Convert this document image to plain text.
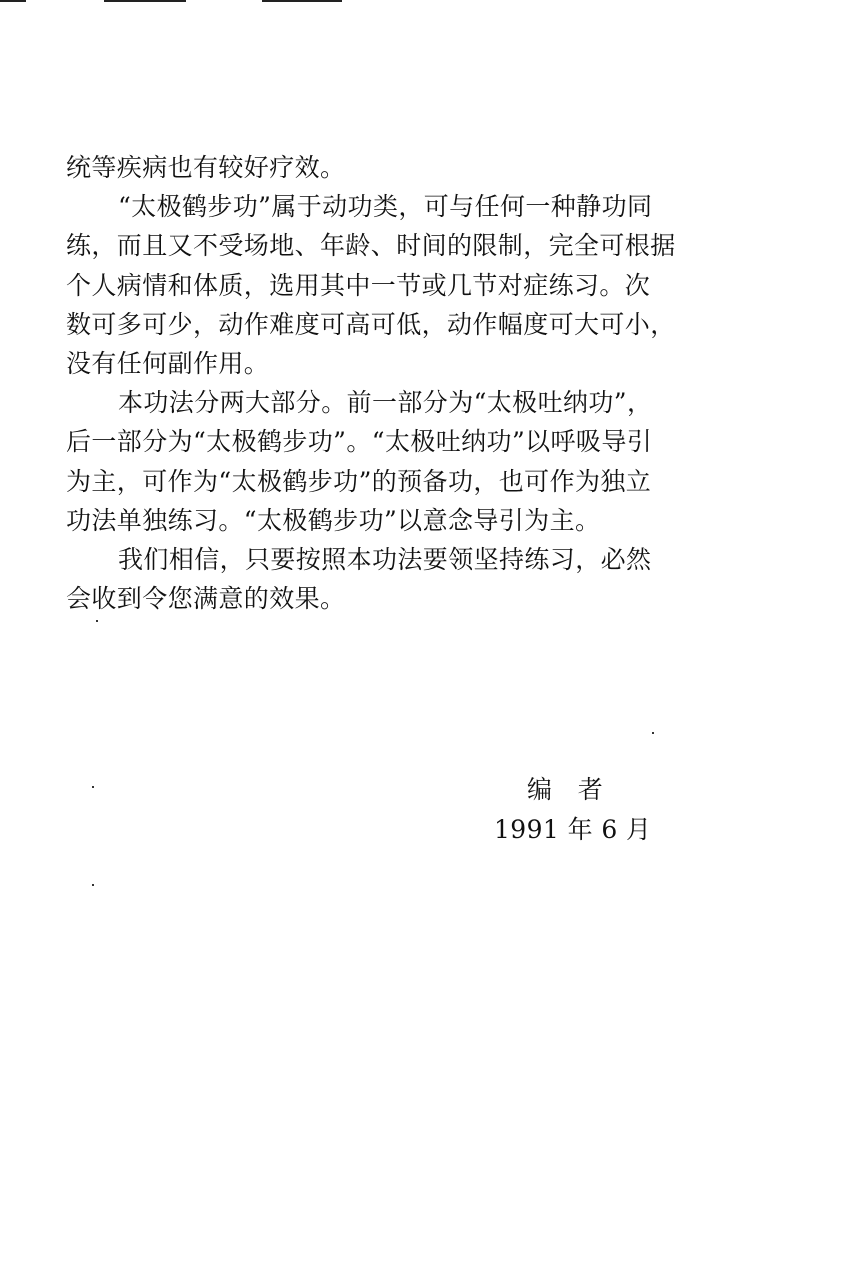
统等疾病也有较好疗效。
“太极鹤步功”属于动功类，可与任何一种静功同
练，而且又不受场地、年龄、时间的限制，完全可根据
个人病情和体质，选用其中一节或几节对症练习。次
数可多可少，动作难度可高可低，动作幅度可大可小，
没有任何副作用。
本功法分两大部分。前一部分为“太极吐纳功”，
后一部分为“太极鹤步功”。“太极吐纳功”以呼吸导引
为主，可作为“太极鹤步功”的预备功，也可作为独立
功法单独练习。“太极鹤步功”以意念导引为主。
我们相信，只要按照本功法要领坚持练习，必然
会收到令您满意的效果。
编　者
1991 年 6 月
